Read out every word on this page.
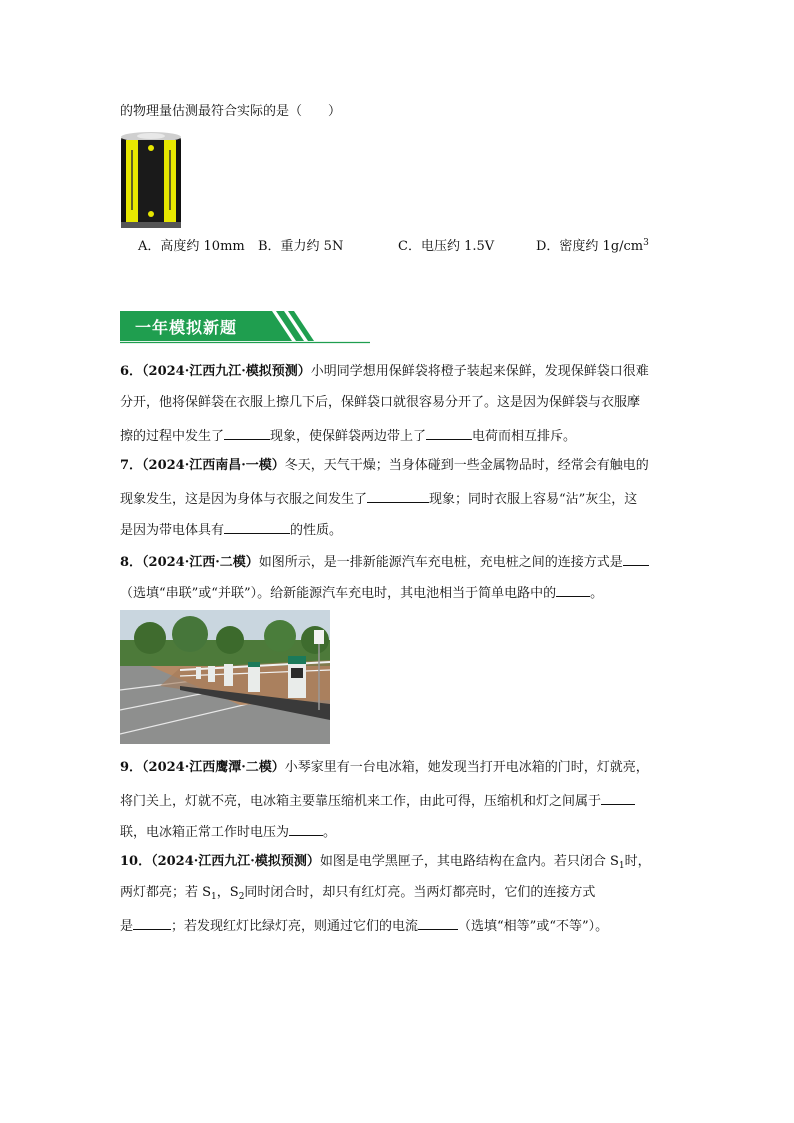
的物理量估测最符合实际的是（　　）
A．高度约 10mm B．重力约 5N	C．电压约 1.5V	D．密度约 $1g/cm^3$
一年模拟新题
6．（2024·江西九江·模拟预测）小明同学想用保鲜袋将橙子装起来保鲜，发现保鲜袋口很难
分开，他将保鲜袋在衣服上擦几下后，保鲜袋口就很容易分开了。这是因为保鲜袋与衣服摩
擦的过程中发生了	现象，使保鲜袋两边带上了	电荷而相互排斥。
7．（2024·江西南昌·一模）冬天，天气干燥；当身体碰到一些金属物品时，经常会有触电的
现象发生，这是因为身体与衣服之间发生了	现象；同时衣服上容易“沾”灰尘，这
是因为带电体具有	的性质。
8．（2024·江西·二模）如图所示，是一排新能源汽车充电桩，充电桩之间的连接方式是
（选填“串联”或“并联”）。给新能源汽车充电时，其电池相当于简单电路中的	。
9．（2024·江西鹰潭·二模）小琴家里有一台电冰箱，她发现当打开电冰箱的门时，灯就亮，
将门关上，灯就不亮，电冰箱主要靠压缩机来工作，由此可得，压缩机和灯之间属于
联，电冰箱正常工作时电压为	。
10．（2024·江西九江·模拟预测）如图是电学黑匣子，其电路结构在盒内。若只闭合 $S_1$时，
两灯都亮；若 $S_1$，$S_2$同时闭合时，却只有红灯亮。当两灯都亮时，它们的连接方式
是	；若发现红灯比绿灯亮，则通过它们的电流	（选填“相等”或“不等”）。
